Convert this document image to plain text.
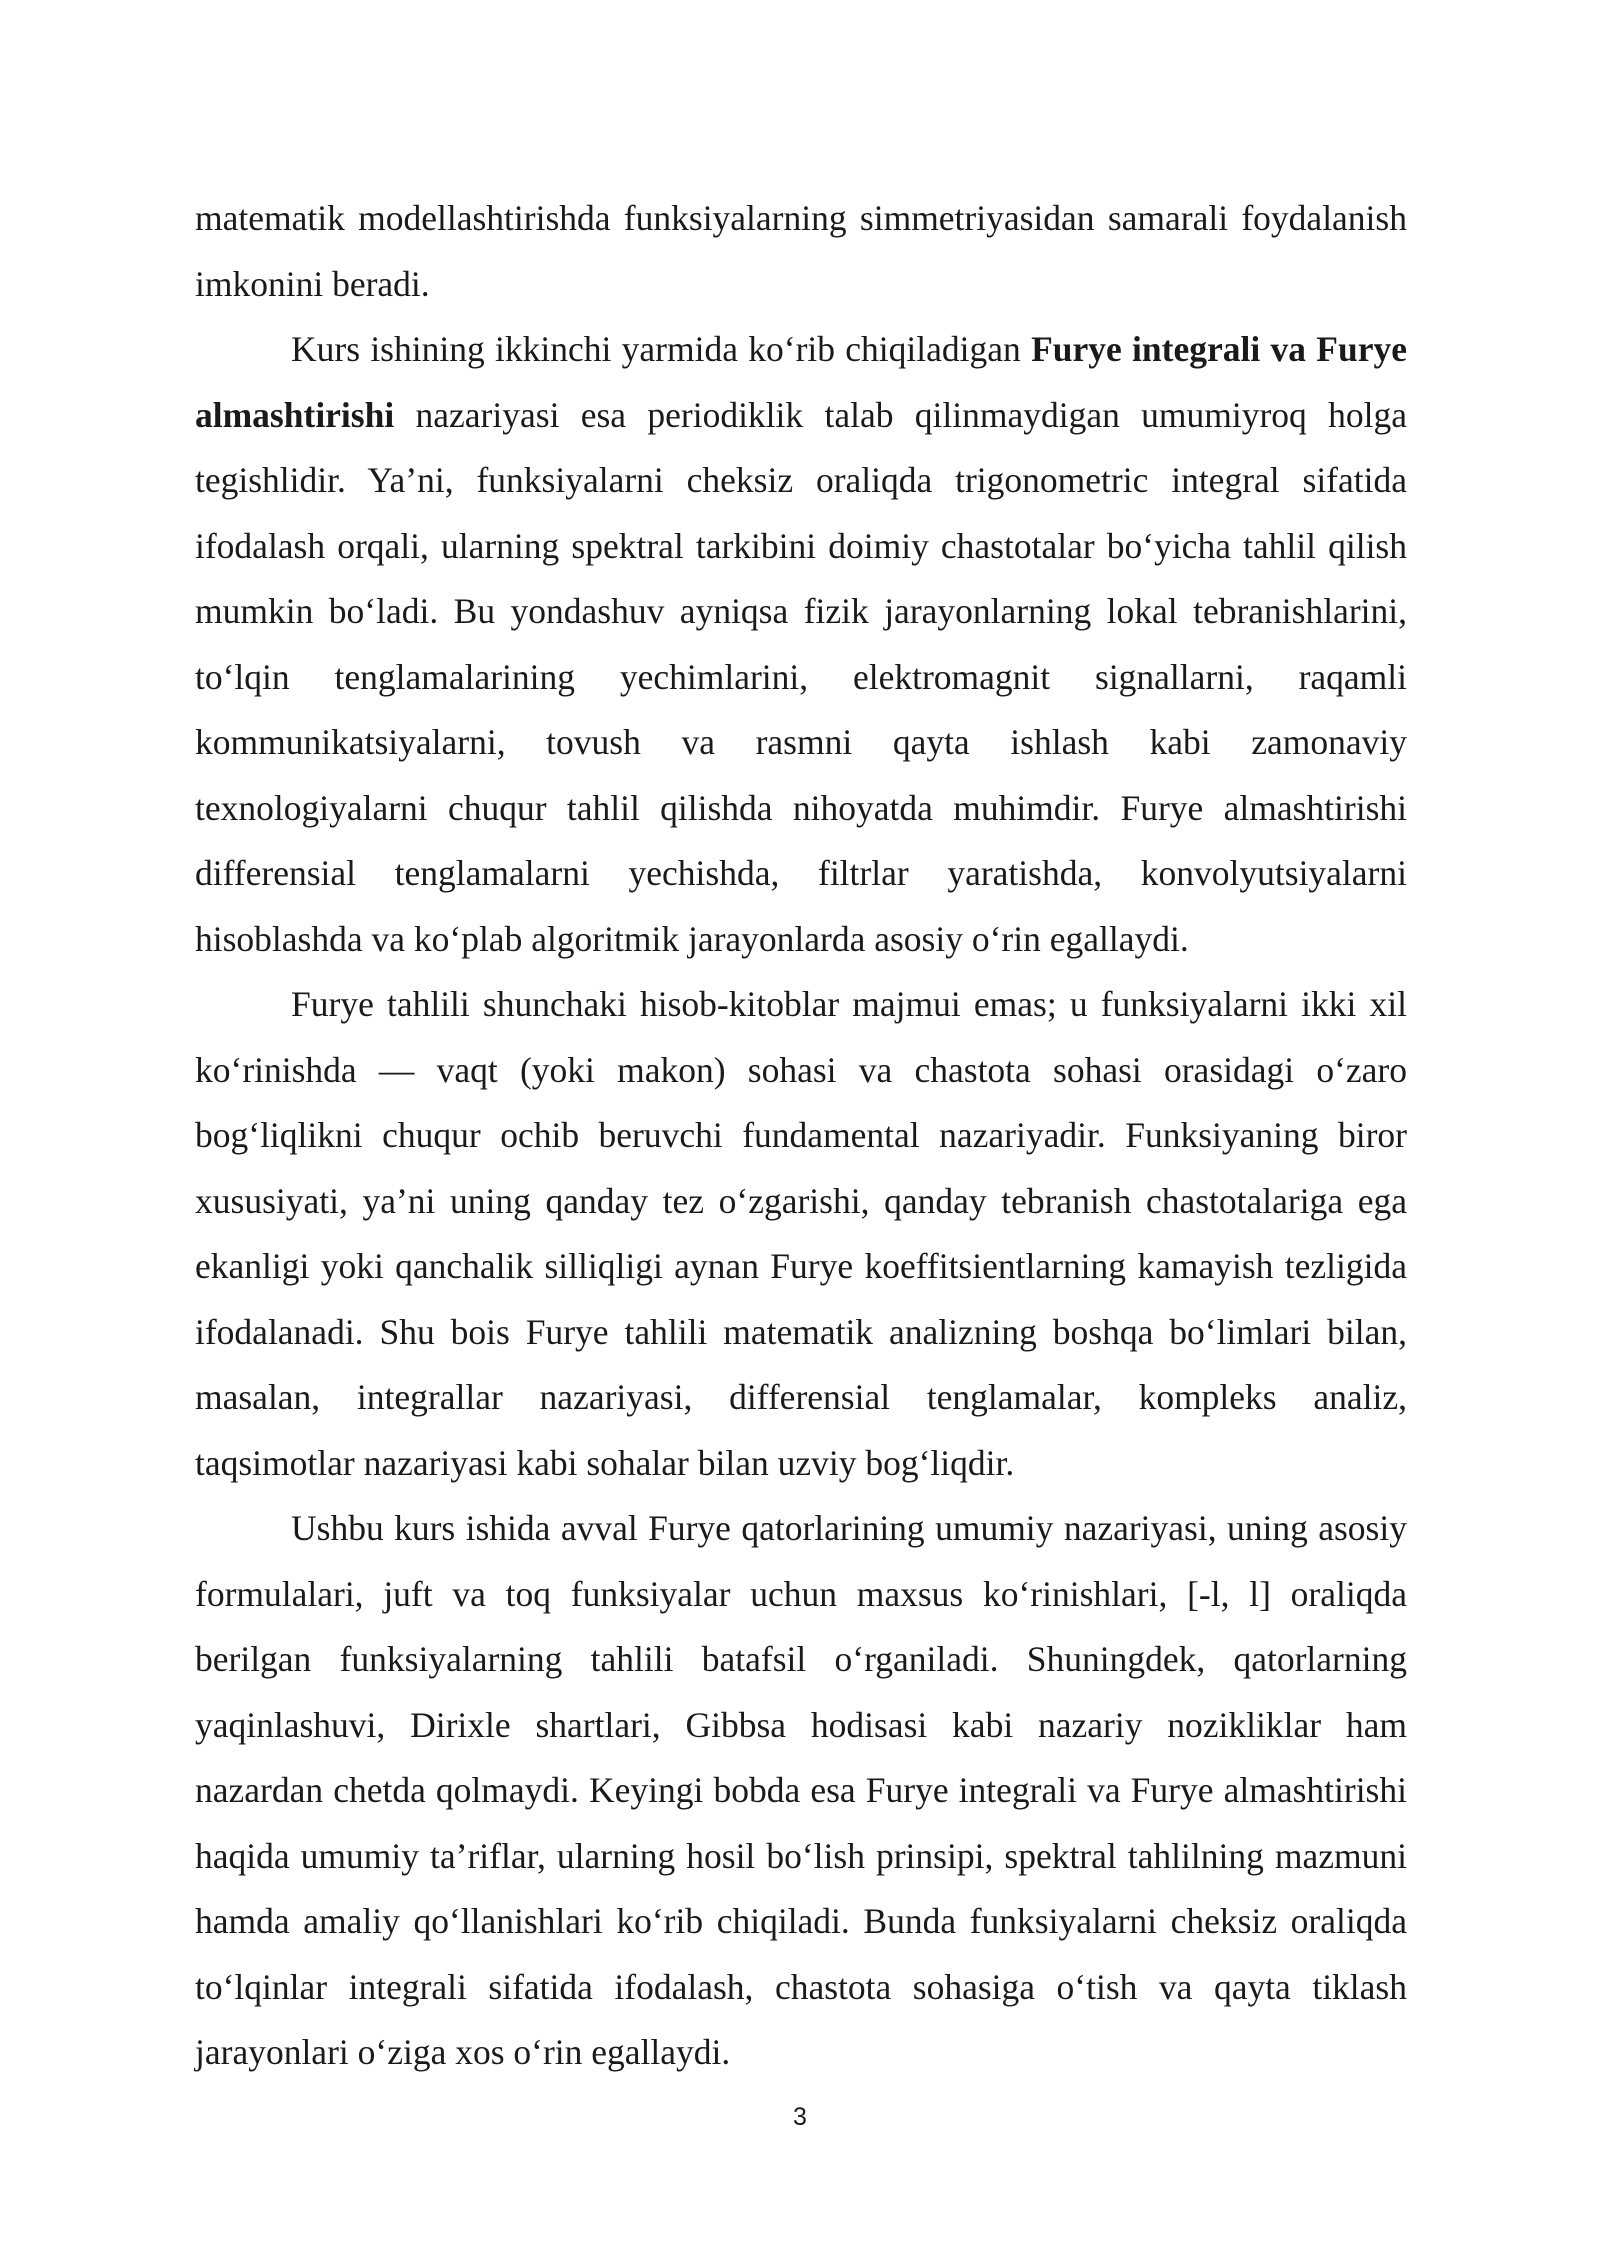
matematik modellashtirishda funksiyalarning simmetriyasidan samarali foydalanish imkonini beradi.

Kurs ishining ikkinchi yarmida ko‘rib chiqiladigan Furye integrali va Furye almashtirishi nazariyasi esa periodiklik talab qilinmaydigan umumiyroq holga tegishlidir. Ya’ni, funksiyalarni cheksiz oraliqda trigonometric integral sifatida ifodalash orqali, ularning spektral tarkibini doimiy chastotalar bo‘yicha tahlil qilish mumkin bo‘ladi. Bu yondashuv ayniqsa fizik jarayonlarning lokal tebranishlarini, to‘lqin tenglamalarining yechimlarini, elektromagnit signallarni, raqamli kommunikatsiyalarni, tovush va rasmni qayta ishlash kabi zamonaviy texnologiyalarni chuqur tahlil qilishda nihoyatda muhimdir. Furye almashtirishi differensial tenglamalarni yechishda, filtrlar yaratishda, konvolyutsiyalarni hisoblashda va ko‘plab algoritmik jarayonlarda asosiy o‘rin egallaydi.

Furye tahlili shunchaki hisob-kitoblar majmui emas; u funksiyalarni ikki xil ko‘rinishda — vaqt (yoki makon) sohasi va chastota sohasi orasidagi o‘zaro bog‘liqlikni chuqur ochib beruvchi fundamental nazariyadir. Funksiyaning biror xususiyati, ya’ni uning qanday tez o‘zgarishi, qanday tebranish chastotalariga ega ekanligi yoki qanchalik silliqligi aynan Furye koeffitsientlarning kamayish tezligida ifodalanadi. Shu bois Furye tahlili matematik analizning boshqa bo‘limlari bilan, masalan, integrallar nazariyasi, differensial tenglamalar, kompleks analiz, taqsimotlar nazariyasi kabi sohalar bilan uzviy bog‘liqdir.

Ushbu kurs ishida avval Furye qatorlarining umumiy nazariyasi, uning asosiy formulalari, juft va toq funksiyalar uchun maxsus ko‘rinishlari, [-l, l] oraliqda berilgan funksiyalarning tahlili batafsil o‘rganiladi. Shuningdek, qatorlarning yaqinlashuvi, Dirixle shartlari, Gibbsa hodisasi kabi nazariy nozikliklar ham nazardan chetda qolmaydi. Keyingi bobda esa Furye integrali va Furye almashtirishi haqida umumiy ta’riflar, ularning hosil bo‘lish prinsipi, spektral tahlilning mazmuni hamda amaliy qo‘llanishlari ko‘rib chiqiladi. Bunda funksiyalarni cheksiz oraliqda to‘lqinlar integrali sifatida ifodalash, chastota sohasiga o‘tish va qayta tiklash jarayonlari o‘ziga xos o‘rin egallaydi.

3
